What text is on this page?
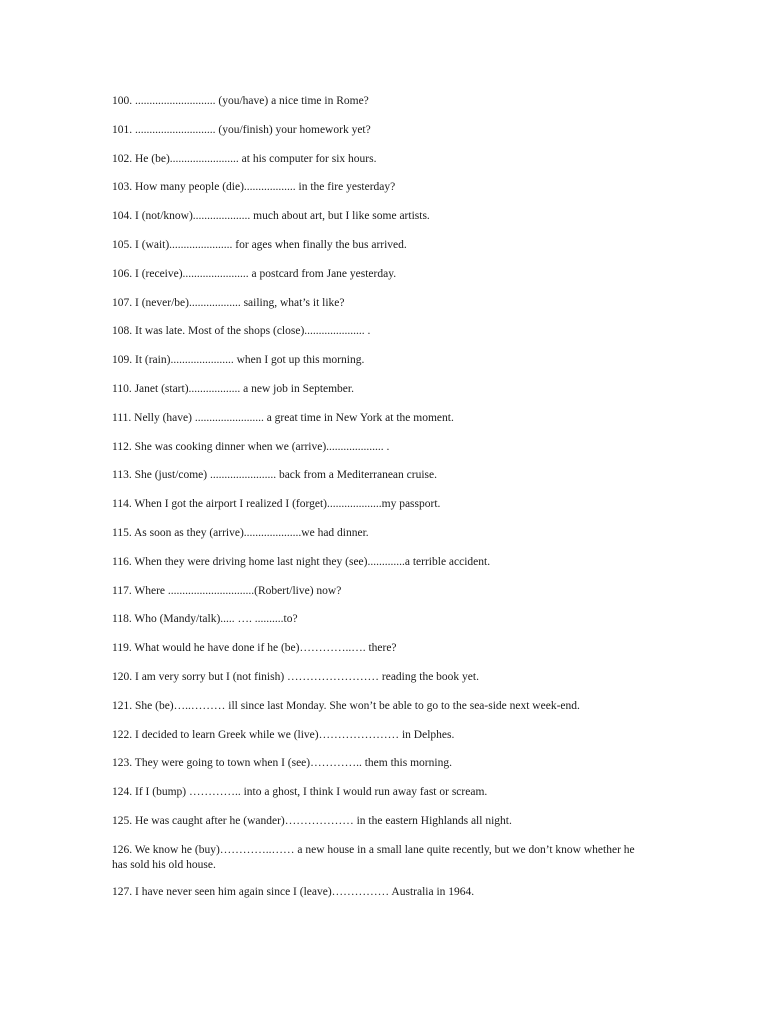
100. ............................ (you/have) a nice time in Rome?
101. ............................ (you/finish) your homework yet?
102. He (be)........................ at his computer for six hours.
103. How many people (die).................. in the fire yesterday?
104. I (not/know).................... much about art, but I like some artists.
105. I (wait)...................... for ages when finally the bus arrived.
106. I (receive)....................... a postcard from Jane yesterday.
107. I (never/be).................. sailing, what’s it like?
108. It was late. Most of the shops (close)..................... .
109. It (rain)...................... when I got up this morning.
110. Janet (start).................. a new job in September.
111. Nelly (have) ........................ a great time in New York at the moment.
112. She was cooking dinner when we (arrive).................... .
113. She (just/come) ....................... back from a Mediterranean cruise.
114. When I got the airport I realized I (forget)...................my passport.
115. As soon as they (arrive)....................we had dinner.
116. When they were driving home last night they (see).............a terrible accident.
117. Where ..............................(Robert/live) now?
118. Who (Mandy/talk)..... …. ..........to?
119. What would he have done if he (be)…………..…. there?
120. I am very sorry but I (not finish) …………………… reading the book yet.
121. She (be)…..……… ill since last Monday. She won’t be able to go to the sea-side next week-end.
122. I decided to learn Greek while we (live)………………… in Delphes.
123. They were going to town when I (see)………….. them this morning.
124. If I (bump) ………….. into a ghost, I think I would run away fast or scream.
125. He was caught after he (wander)……………… in the eastern Highlands all night.
126. We know he (buy)…………..…… a new house in a small lane quite recently, but we don’t know whether he has sold his old house.
127. I have never seen him again since I (leave)…………… Australia in 1964.
